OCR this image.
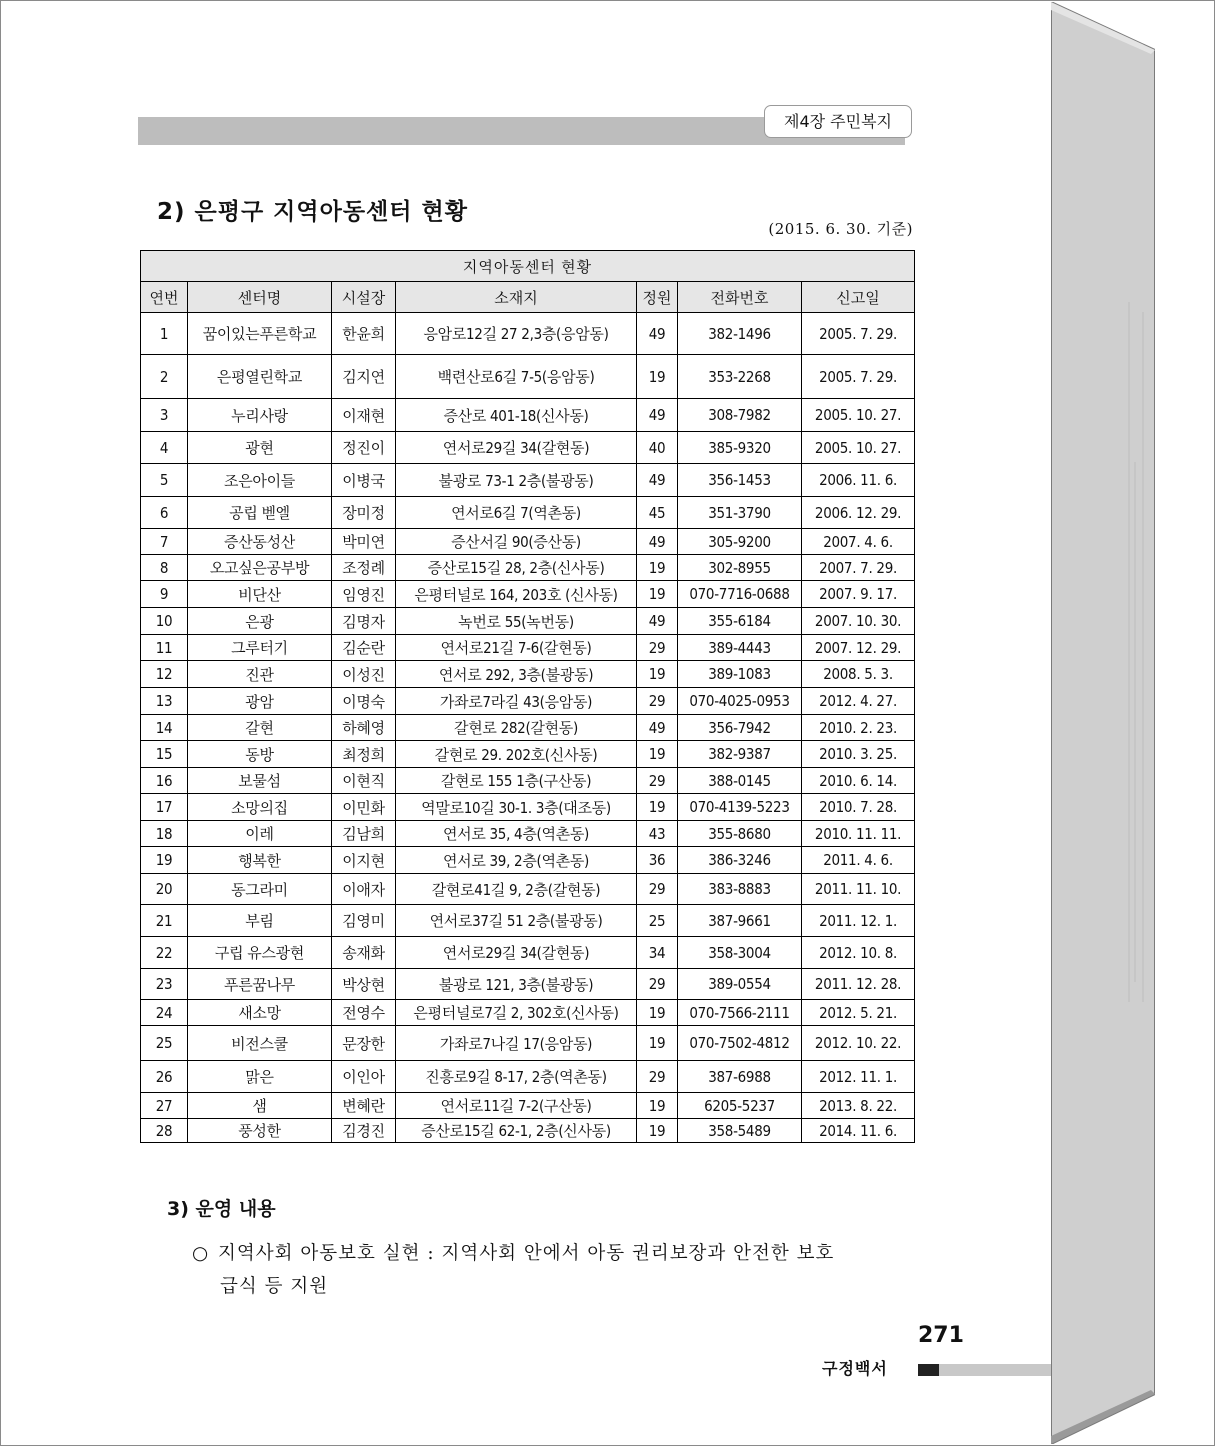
제4장 주민복지
2) 은평구 지역아동센터 현황
(2015. 6. 30. 기준)
지역아동센터 현황						
연번	센터명	시설장	소재지	정원	전화번호	신고일
1	꿈이있는푸른학교	한윤희	응암로12길 27 2,3층(응암동)	49	382-1496	2005. 7. 29.
2	은평열린학교	김지연	백련산로6길 7-5(응암동)	19	353-2268	2005. 7. 29.
3	누리사랑	이재현	증산로 401-18(신사동)	49	308-7982	2005. 10. 27.
4	광현	정진이	연서로29길 34(갈현동)	40	385-9320	2005. 10. 27.
5	조은아이들	이병국	불광로 73-1 2층(불광동)	49	356-1453	2006. 11. 6.
6	공립 벧엘	장미정	연서로6길 7(역촌동)	45	351-3790	2006. 12. 29.
7	증산동성산	박미연	증산서길 90(증산동)	49	305-9200	2007. 4. 6.
8	오고싶은공부방	조정례	증산로15길 28, 2층(신사동)	19	302-8955	2007. 7. 29.
9	비단산	임영진	은평터널로 164, 203호 (신사동)	19	070-7716-0688	2007. 9. 17.
10	은광	김명자	녹번로 55(녹번동)	49	355-6184	2007. 10. 30.
11	그루터기	김순란	연서로21길 7-6(갈현동)	29	389-4443	2007. 12. 29.
12	진관	이성진	연서로 292, 3층(불광동)	19	389-1083	2008. 5. 3.
13	광암	이명숙	가좌로7라길 43(응암동)	29	070-4025-0953	2012. 4. 27.
14	갈현	하혜영	갈현로 282(갈현동)	49	356-7942	2010. 2. 23.
15	동방	최정희	갈현로 29. 202호(신사동)	19	382-9387	2010. 3. 25.
16	보물섬	이현직	갈현로 155 1층(구산동)	29	388-0145	2010. 6. 14.
17	소망의집	이민화	역말로10길 30-1. 3층(대조동)	19	070-4139-5223	2010. 7. 28.
18	이레	김남희	연서로 35, 4층(역촌동)	43	355-8680	2010. 11. 11.
19	행복한	이지현	연서로 39, 2층(역촌동)	36	386-3246	2011. 4. 6.
20	동그라미	이애자	갈현로41길 9, 2층(갈현동)	29	383-8883	2011. 11. 10.
21	부림	김영미	연서로37길 51 2층(불광동)	25	387-9661	2011. 12. 1.
22	구립 유스광현	송재화	연서로29길 34(갈현동)	34	358-3004	2012. 10. 8.
23	푸른꿈나무	박상현	불광로 121, 3층(불광동)	29	389-0554	2011. 12. 28.
24	새소망	전영수	은평터널로7길 2, 302호(신사동)	19	070-7566-2111	2012. 5. 21.
25	비전스쿨	문장한	가좌로7나길 17(응암동)	19	070-7502-4812	2012. 10. 22.
26	맑은	이인아	진흥로9길 8-17, 2층(역촌동)	29	387-6988	2012. 11. 1.
27	샘	변혜란	연서로11길 7-2(구산동)	19	6205-5237	2013. 8. 22.
28	풍성한	김경진	증산로15길 62-1, 2층(신사동)	19	358-5489	2014. 11. 6.
3) 운영 내용
○ 지역사회 아동보호 실현 : 지역사회 안에서 아동 권리보장과 안전한 보호
급식 등 지원
271
구정백서
